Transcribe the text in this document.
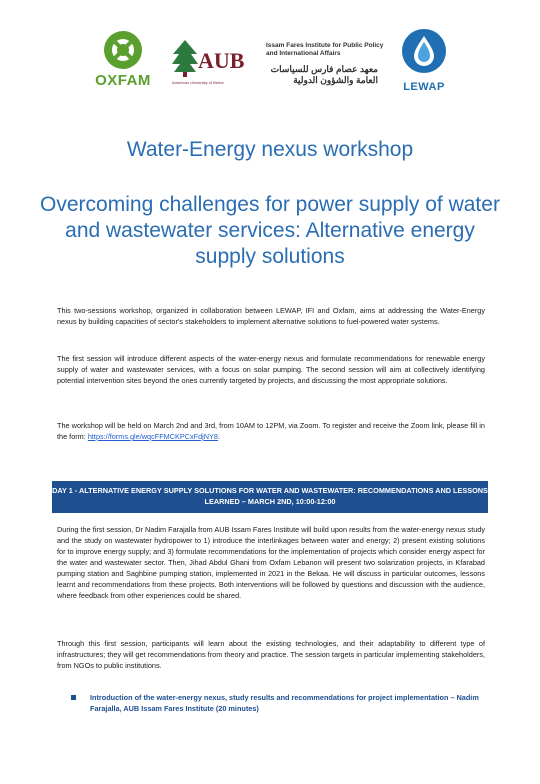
OXFAM
AUB
American University of Beirut
Issam Fares Institute for Public Policy and International Affairs
معهد عصام فارس للسياسات العامة والشؤون الدولية
LEWAP
Water-Energy nexus workshop
Overcoming challenges for power supply of water and wastewater services: Alternative energy supply solutions
This two-sessions workshop, organized in collaboration between LEWAP, IFI and Oxfam, aims at addressing the Water-Energy nexus by building capacities of sector's stakeholders to implement alternative solutions to fuel-powered water systems.
The first session will introduce different aspects of the water-energy nexus and formulate recommendations for renewable energy supply of water and wastewater services, with a focus on solar pumping. The second session will aim at collectively identifying potential intervention sites beyond the ones currently targeted by projects, and discussing the most appropriate solutions.
The workshop will be held on March 2nd and 3rd, from 10AM to 12PM, via Zoom. To register and receive the Zoom link, please fill in the form: https://forms.gle/wqcFFMCKPCxFdjNY8.
DAY 1 - ALTERNATIVE ENERGY SUPPLY SOLUTIONS FOR WATER AND WASTEWATER: RECOMMENDATIONS AND LESSONS LEARNED – MARCH 2ND, 10:00-12:00
During the first session, Dr Nadim Farajalla from AUB Issam Fares Institute will build upon results from the water-energy nexus study and the study on wastewater hydropower to 1) introduce the interlinkages between water and energy; 2) present existing solutions for to improve energy supply; and 3) formulate recommendations for the implementation of projects which consider energy aspect for the water and wastewater sector. Then, Jihad Abdul Ghani from Oxfam Lebanon will present two solarization projects, in Kfarabad pumping station and Saghbine pumping station, implemented in 2021 in the Bekaa. He will discuss in particular outcomes, lessons learnt and recommendations from these projects. Both interventions will be followed by questions and discussion with the audience, where feedback from other experiences could be shared.
Through this first session, participants will learn about the existing technologies, and their adaptability to different type of infrastructures; they will get recommendations from theory and practice. The session targets in particular implementing stakeholders, from NGOs to public institutions.
Introduction of the water-energy nexus, study results and recommendations for project implementation – Nadim Farajalla, AUB Issam Fares Institute (20 minutes)
